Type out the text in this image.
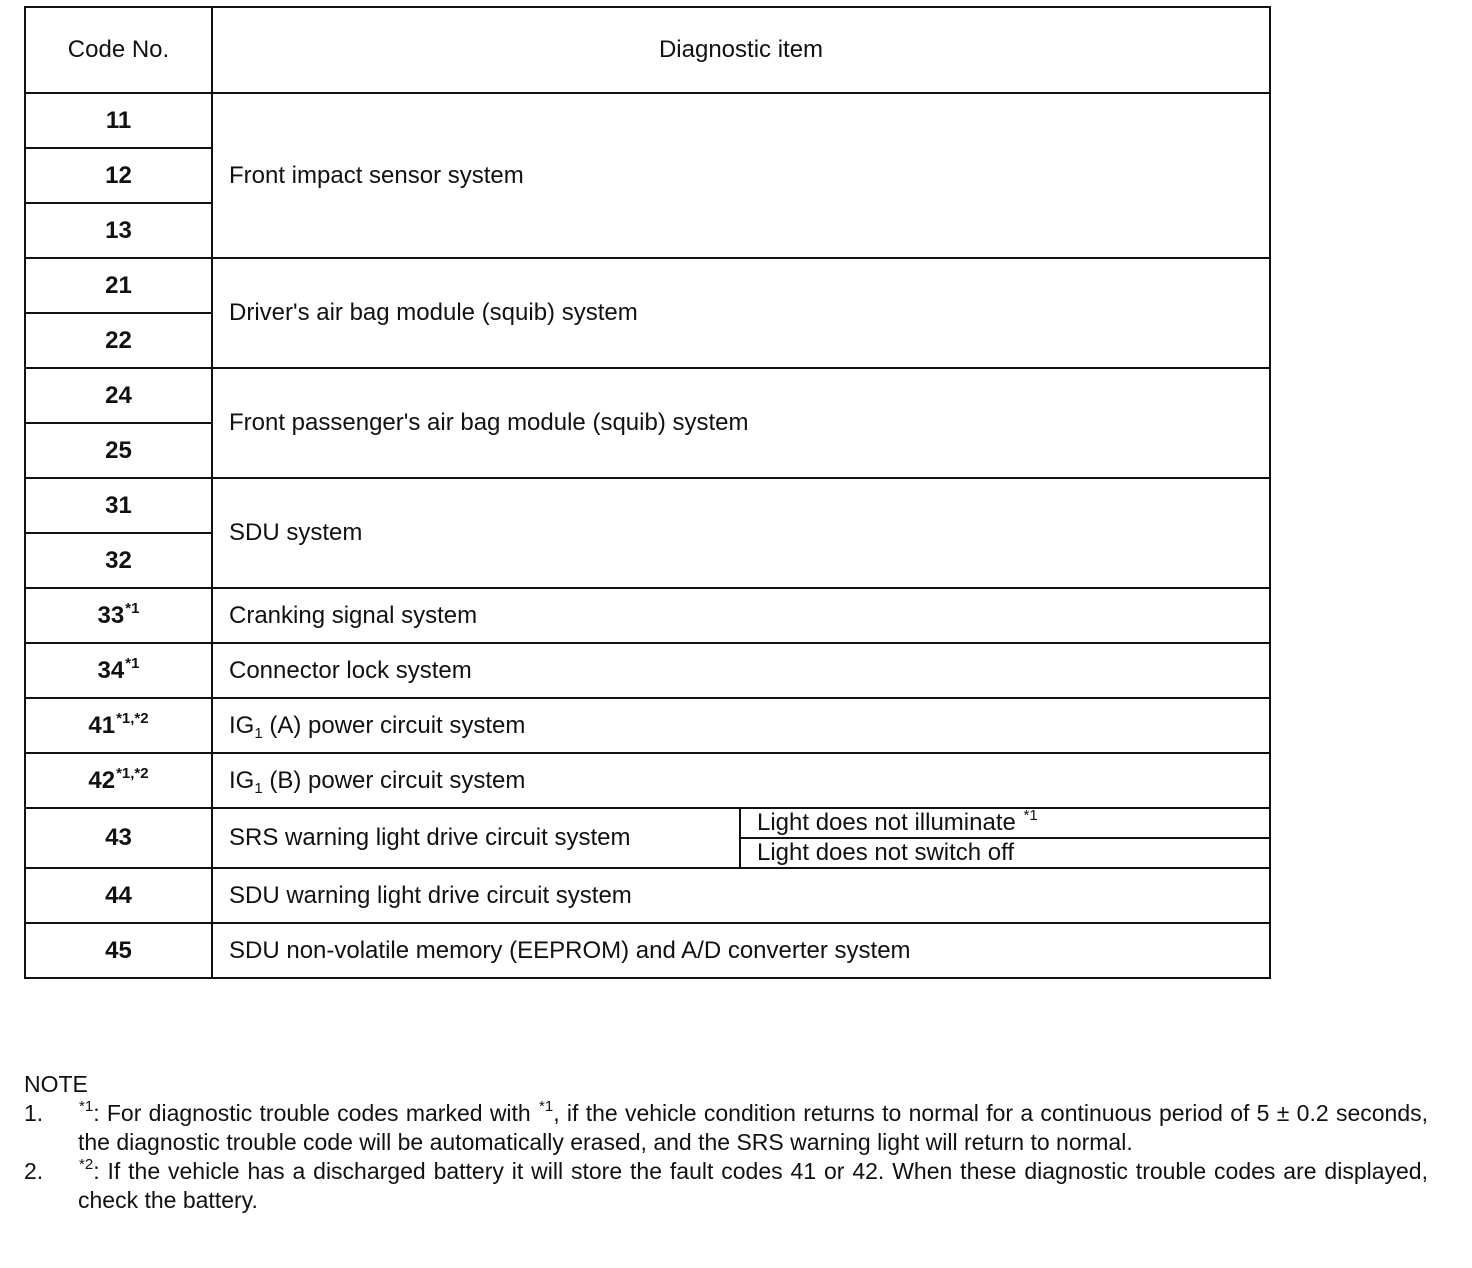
Code No.	Diagnostic item	
11	Front impact sensor system	
12		
13		
21	Driver's air bag module (squib) system	
22		
24	Front passenger's air bag module (squib) system	
25		
31	SDU system	
32		
33$^{*1}$	Cranking signal system	
34$^{*1}$	Connector lock system	
$41^{*1,*2}$	$IG_1$ (A) power circuit system	
$42^{*1,*2}$	$IG_1$ (B) power circuit system	
43	SRS warning light drive circuit system	Light does not illuminate $^{*1}$
		Light does not switch off
44	SDU warning light drive circuit system	
45	SDU non-volatile memory (EEPROM) and A/D converter system	

NOTE

1.	$^{*1}$: For diagnostic trouble codes marked with $^{*1}$, if the vehicle condition returns to normal for a continuous period of 5 ± 0.2 seconds, the diagnostic trouble code will be automatically erased, and the SRS warning light will return to normal.
2.	$^{*2}$: If the vehicle has a discharged battery it will store the fault codes 41 or 42. When these diagnostic trouble codes are displayed, check the battery.
